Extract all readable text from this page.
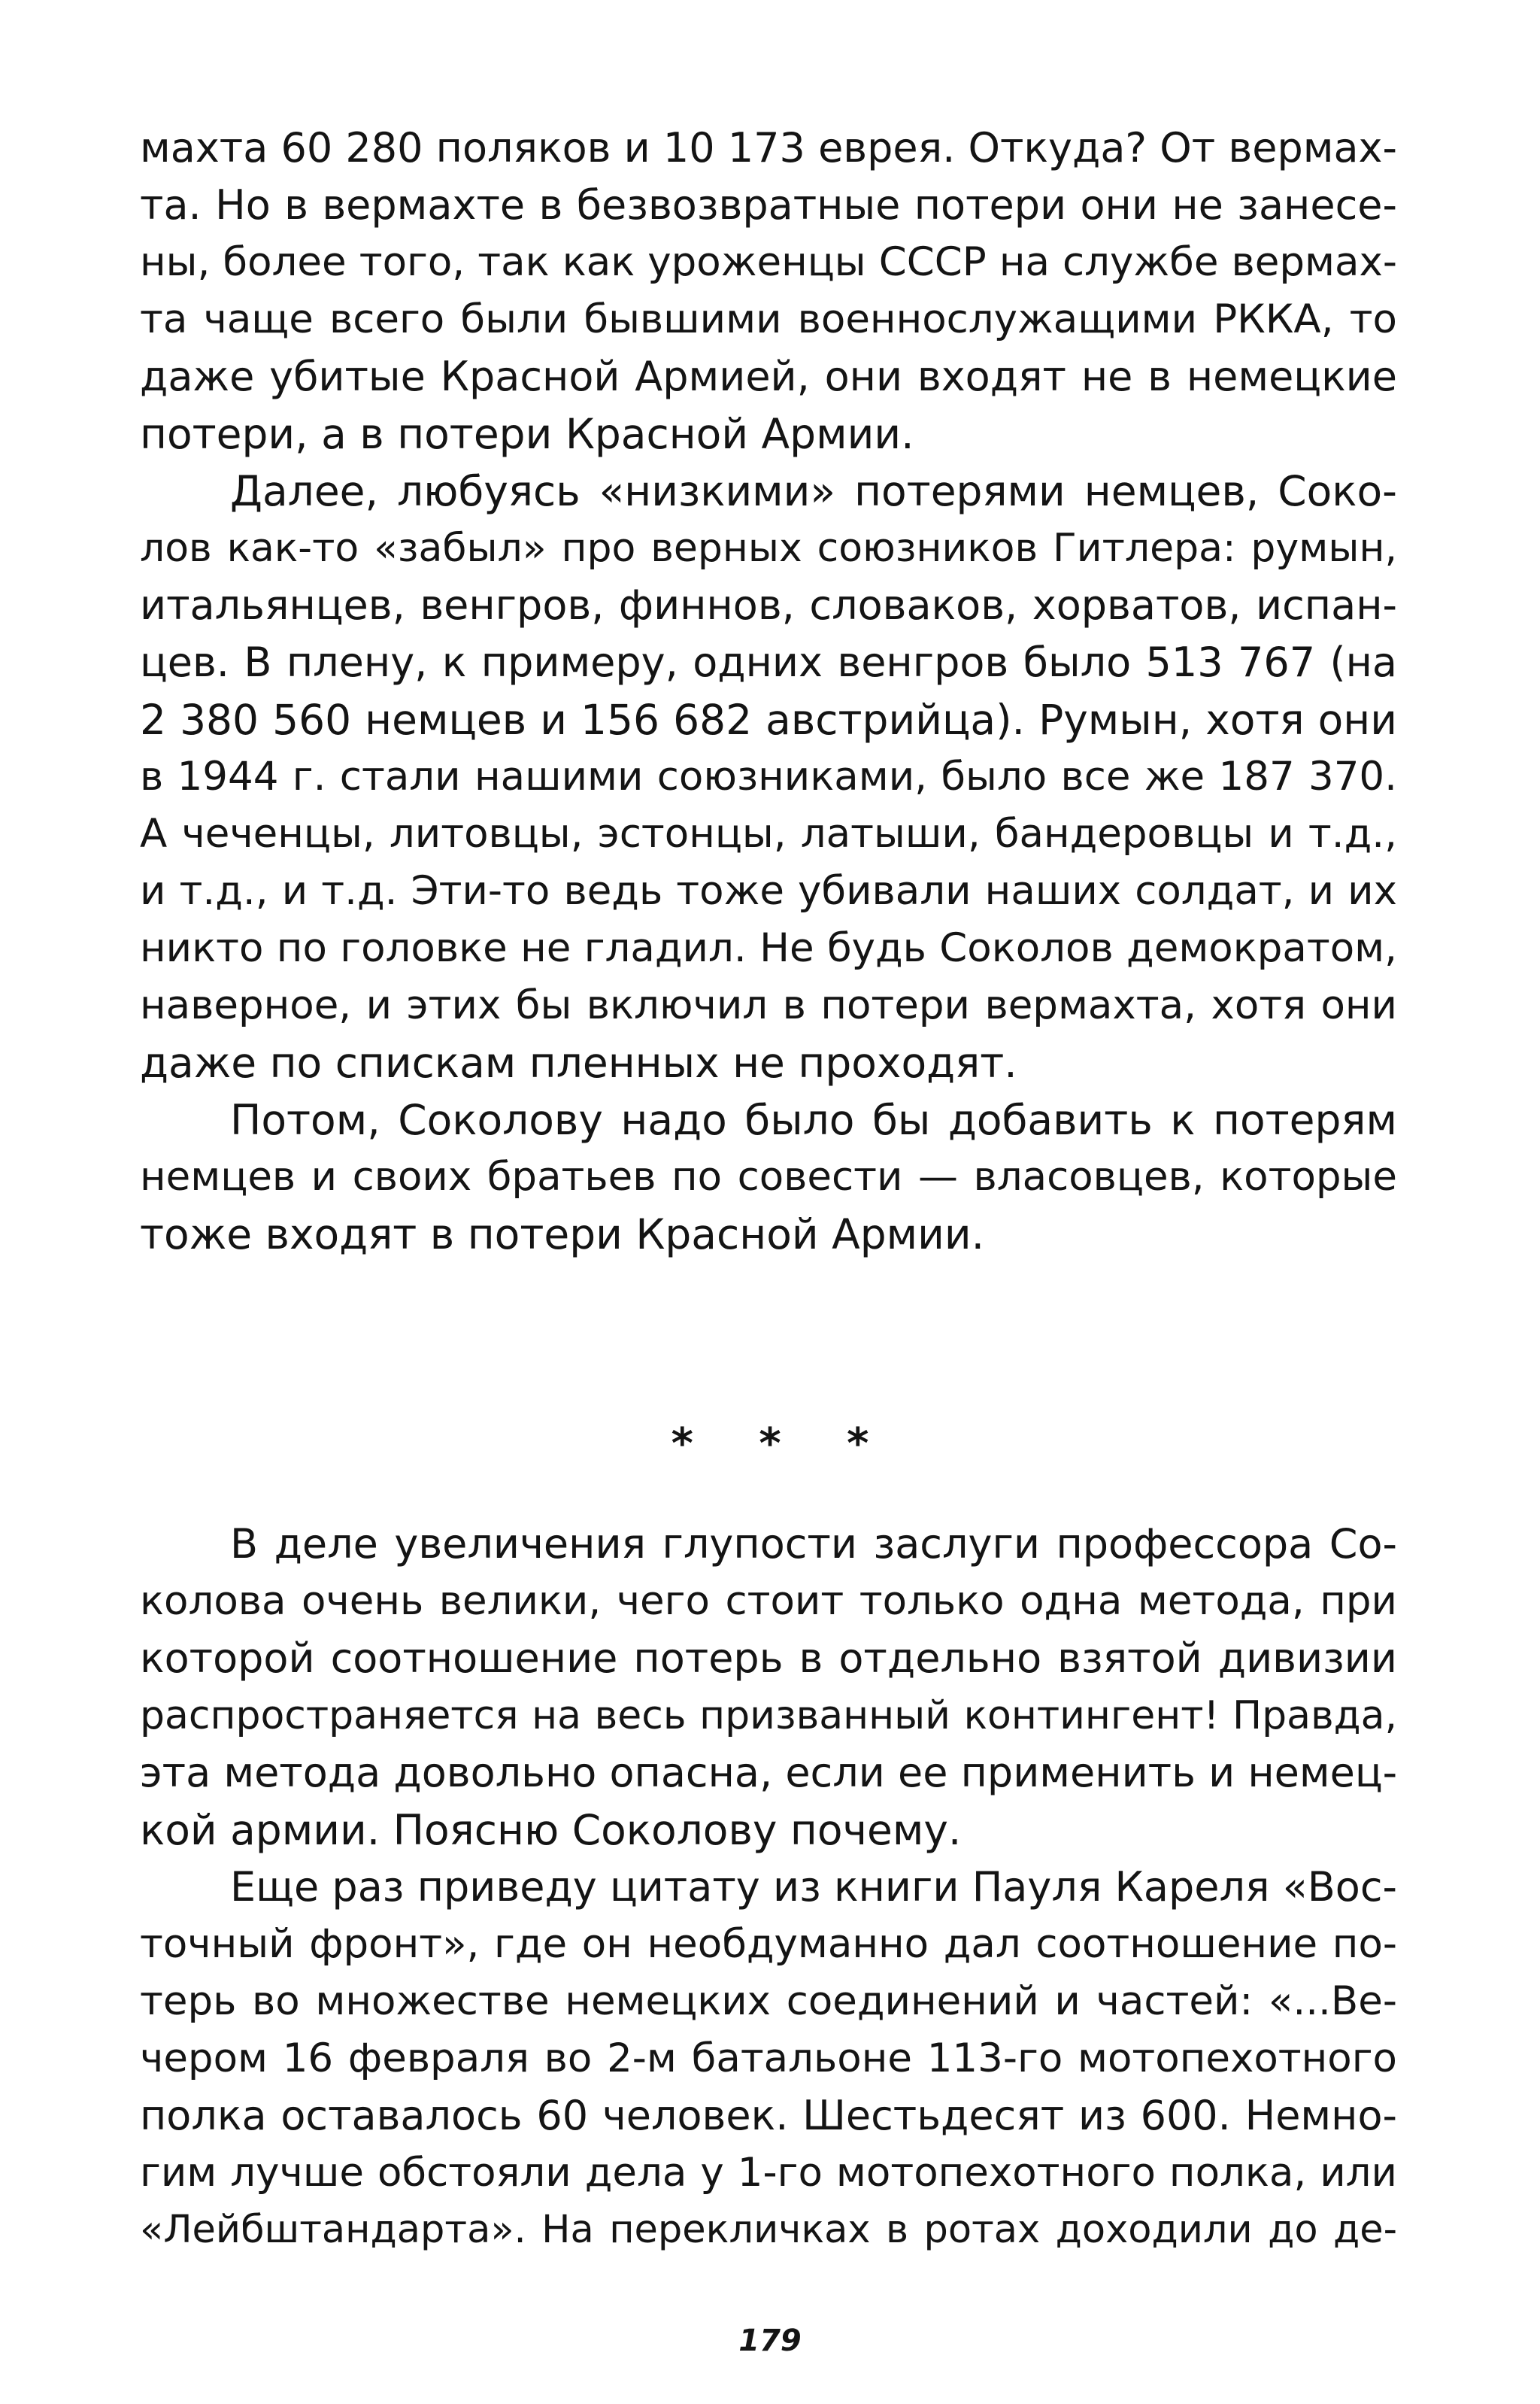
махта 60 280 поляков и 10 173 еврея. Откуда? От вермах-
та. Но в вермахте в безвозвратные потери они не занесе-
ны, более того, так как уроженцы СССР на службе вермах-
та чаще всего были бывшими военнослужащими РККА, то
даже убитые Красной Армией, они входят не в немецкие
потери, а в потери Красной Армии.
Далее, любуясь «низкими» потерями немцев, Соко-
лов как-то «забыл» про верных союзников Гитлера: румын,
итальянцев, венгров, финнов, словаков, хорватов, испан-
цев. В плену, к примеру, одних венгров было 513 767 (на
2 380 560 немцев и 156 682 австрийца). Румын, хотя они
в 1944 г. стали нашими союзниками, было все же 187 370.
А чеченцы, литовцы, эстонцы, латыши, бандеровцы и т.д.,
и т.д., и т.д. Эти-то ведь тоже убивали наших солдат, и их
никто по головке не гладил. Не будь Соколов демократом,
наверное, и этих бы включил в потери вермахта, хотя они
даже по спискам пленных не проходят.
Потом, Соколову надо было бы добавить к потерям
немцев и своих братьев по совести — власовцев, которые
тоже входят в потери Красной Армии.
* * *
В деле увеличения глупости заслуги профессора Со-
колова очень велики, чего стоит только одна метода, при
которой соотношение потерь в отдельно взятой дивизии
распространяется на весь призванный контингент! Правда,
эта метода довольно опасна, если ее применить и немец-
кой армии. Поясню Соколову почему.
Еще раз приведу цитату из книги Пауля Кареля «Вос-
точный фронт», где он необдуманно дал соотношение по-
терь во множестве немецких соединений и частей: «...Ве-
чером 16 февраля во 2-м батальоне 113-го мотопехотного
полка оставалось 60 человек. Шестьдесят из 600. Немно-
гим лучше обстояли дела у 1-го мотопехотного полка, или
«Лейбштандарта». На перекличках в ротах доходили до де-
179
